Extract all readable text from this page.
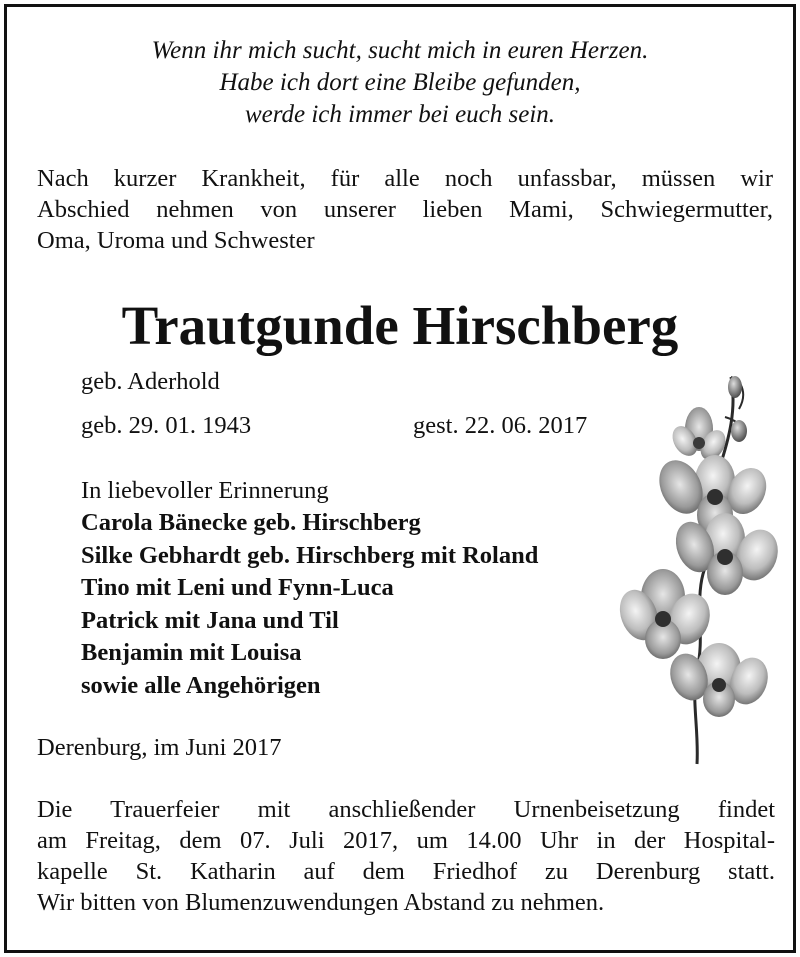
Wenn ihr mich sucht, sucht mich in euren Herzen.
Habe ich dort eine Bleibe gefunden,
werde ich immer bei euch sein.
Nach kurzer Krankheit, für alle noch unfassbar, müssen wir
Abschied nehmen von unserer lieben Mami, Schwiegermutter,
Oma, Uroma und Schwester
Trautgunde Hirschberg
geb. Aderhold
geb. 29. 01. 1943	gest. 22. 06. 2017
In liebevoller Erinnerung
Carola Bänecke geb. Hirschberg
Silke Gebhardt geb. Hirschberg mit Roland
Tino mit Leni und Fynn-Luca
Patrick mit Jana und Til
Benjamin mit Louisa
sowie alle Angehörigen
Derenburg, im Juni 2017
Die Trauerfeier mit anschließender Urnenbeisetzung findet
am Freitag, dem 07. Juli 2017, um 14.00 Uhr in der Hospital-
kapelle St. Katharin auf dem Friedhof zu Derenburg statt.
Wir bitten von Blumenzuwendungen Abstand zu nehmen.
